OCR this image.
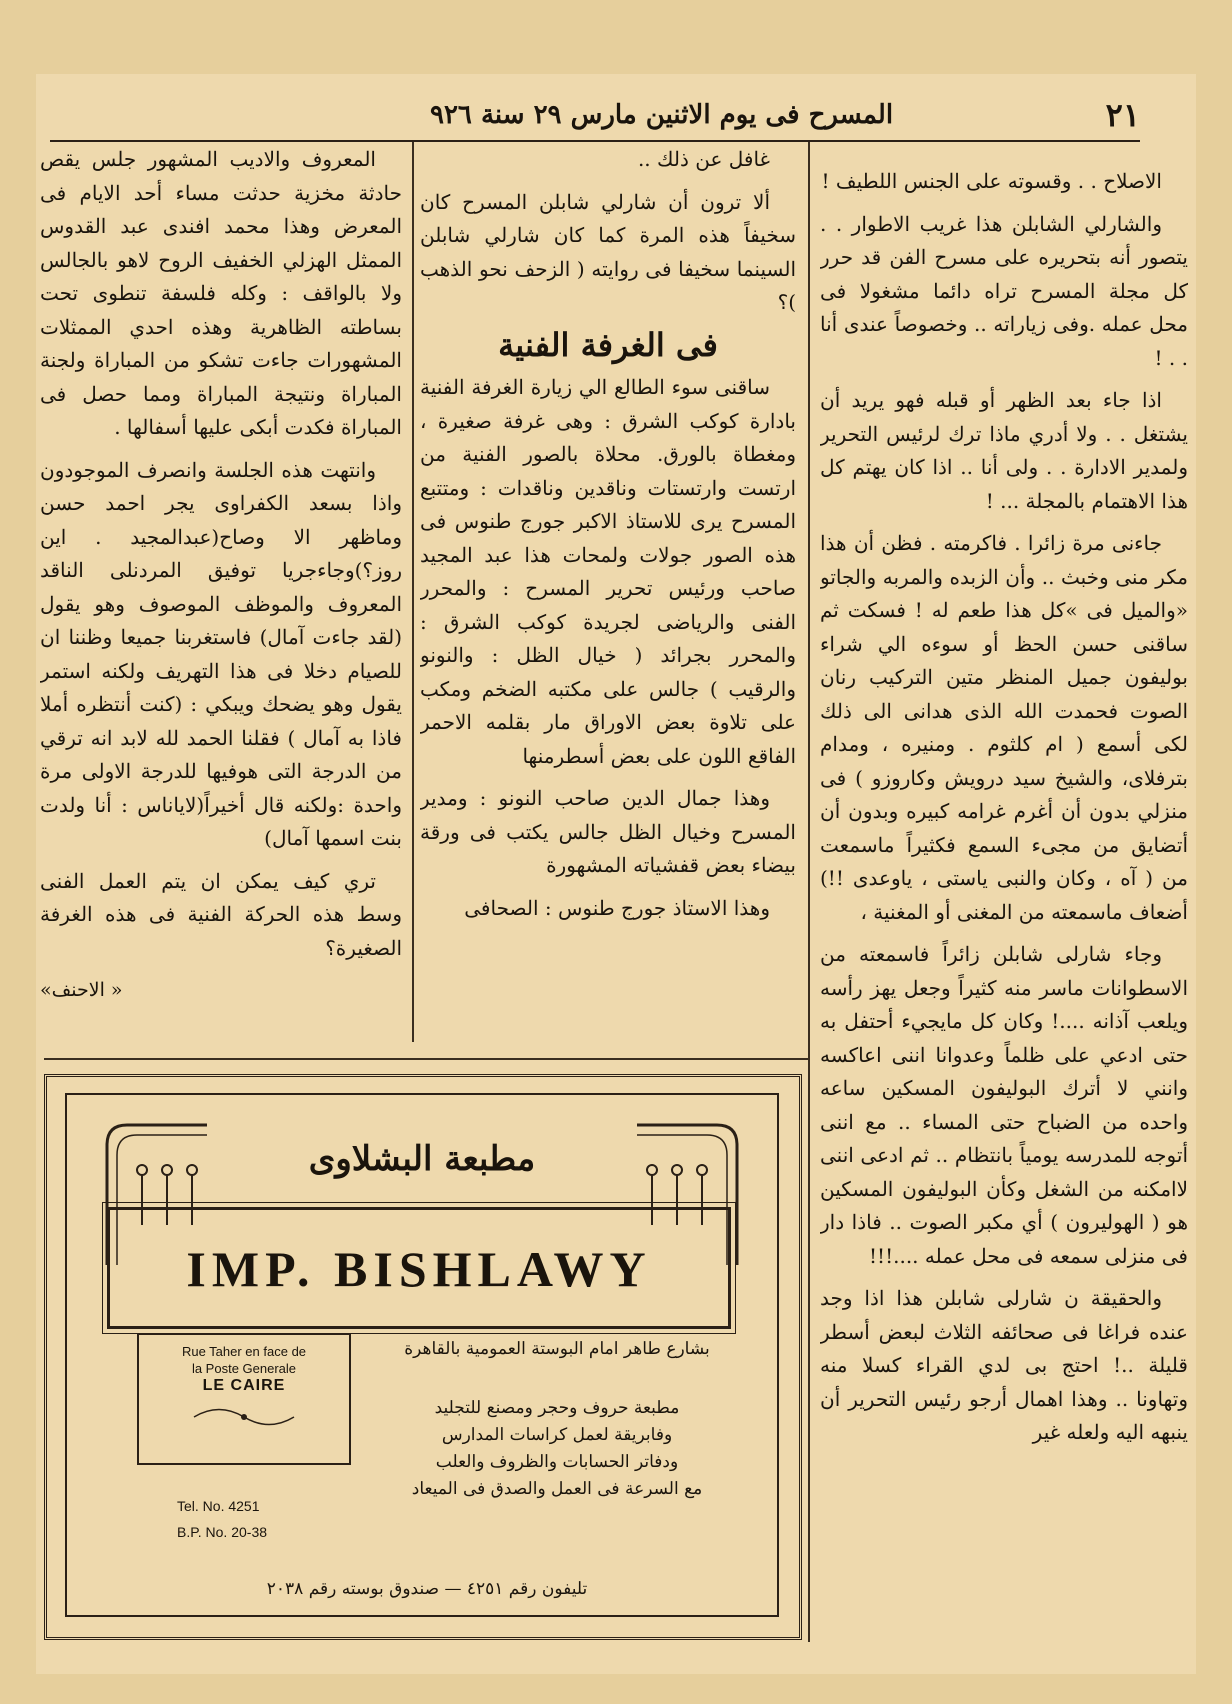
٢١
المسرح فى يوم الاثنين مارس ٢٩ سنة ٩٢٦

الاصلاح . . وقسوته على الجنس اللطيف !

والشارلي الشابلن هذا غريب الاطوار . . يتصور أنه بتحريره على مسرح الفن قد حرر كل مجلة المسرح تراه دائما مشغولا فى محل عمله .وفى زياراته .. وخصوصاً عندى أنا . . !

اذا جاء بعد الظهر أو قبله فهو يريد أن يشتغل . . ولا أدري ماذا ترك لرئيس التحرير ولمدير الادارة . . ولى أنا .. اذا كان يهتم كل هذا الاهتمام بالمجلة ... !

جاءنى مرة زائرا . فاكرمته . فظن أن هذا مكر منى وخبث .. وأن الزبده والمربه والجاتو «والميل فى »كل هذا طعم له ! فسكت ثم ساقنى حسن الحظ أو سوءه الي شراء بوليفون جميل المنظر متين التركيب رنان الصوت فحمدت الله الذى هدانى الى ذلك لكى أسمع ( ام كلثوم . ومنيره ، ومدام بترفلاى، والشيخ سيد درويش وكاروزو ) فى منزلي بدون أن أغرم غرامه كبيره وبدون أن أتضايق من مجىء السمع فكثيراً ماسمعت من ( آه ، وكان والنبى ياستى ، ياوعدى !!) أضعاف ماسمعته من المغنى أو المغنية ،

وجاء شارلى شابلن زائراً فاسمعته من الاسطوانات ماسر منه كثيراً وجعل يهز رأسه ويلعب آذانه ....! وكان كل مايجيء أحتفل به حتى ادعي على ظلماً وعدوانا اننى اعاكسه وانني لا أترك البوليفون المسكين ساعه واحده من الضباح حتى المساء .. مع اننى أتوجه للمدرسه يومياً بانتظام .. ثم ادعى اننى لاامكنه من الشغل وكأن البوليفون المسكين هو ( الهوليرون ) أي مكبر الصوت .. فاذا دار فى منزلى سمعه فى محل عمله ....!!!

والحقيقة ن شارلى شابلن هذا اذا وجد عنده فراغا فى صحائفه الثلاث لبعض أسطر قليلة ..! احتج بى لدي القراء كسلا منه وتهاونا .. وهذا اهمال أرجو رئيس التحرير أن ينبهه اليه ولعله غير

غافل عن ذلك ..

ألا ترون أن شارلي شابلن المسرح كان سخيفاً هذه المرة كما كان شارلي شابلن السينما سخيفا فى روايته ( الزحف نحو الذهب )؟

فى الغرفة الفنية

ساقنى سوء الطالع الي زيارة الغرفة الفنية بادارة كوكب الشرق : وهى غرفة صغيرة ، ومغطاة بالورق. محلاة بالصور الفنية من ارتست وارتستات وناقدين وناقدات : ومتتبع المسرح يرى للاستاذ الاكبر جورج طنوس فى هذه الصور جولات ولمحات هذا عبد المجيد صاحب ورئيس تحرير المسرح : والمحرر الفنى والرياضى لجريدة كوكب الشرق : والمحرر بجرائد ( خيال الظل : والنونو والرقيب ) جالس على مكتبه الضخم ومكب على تلاوة بعض الاوراق مار بقلمه الاحمر الفاقع اللون على بعض أسطرمنها

وهذا جمال الدين صاحب النونو : ومدير المسرح وخيال الظل جالس يكتب فى ورقة بيضاء بعض قفشياته المشهورة

وهذا الاستاذ جورج طنوس : الصحافى

المعروف والاديب المشهور جلس يقص حادثة مخزية حدثت مساء أحد الايام فى المعرض وهذا محمد افندى عبد القدوس الممثل الهزلي الخفيف الروح لاهو بالجالس ولا بالواقف : وكله فلسفة تنطوى تحت بساطته الظاهرية وهذه احدي الممثلات المشهورات جاءت تشكو من المباراة ولجنة المباراة ونتيجة المباراة ومما حصل فى المباراة فكدت أبكى عليها أسفالها .

وانتهت هذه الجلسة وانصرف الموجودون واذا بسعد الكفراوى يجر احمد حسن وماظهر الا وصاح(عبدالمجيد . اين روز؟)وجاءجريا توفيق المردنلى الناقد المعروف والموظف الموصوف وهو يقول (لقد جاءت آمال) فاستغربنا جميعا وظننا ان للصيام دخلا فى هذا التهريف ولكنه استمر يقول وهو يضحك ويبكي : (كنت أنتظره أملا فاذا به آمال ) فقلنا الحمد لله لابد انه ترقي من الدرجة التى هوفيها للدرجة الاولى مرة واحدة :ولكنه قال أخيراً(لاياناس : أنا ولدت بنت اسمها آمال)

تري كيف يمكن ان يتم العمل الفنى وسط هذه الحركة الفنية فى هذه الغرفة الصغيرة؟

« الاحنف»

مطبعة البشلاوى
IMP. BISHLAWY
Rue Taher en face de
la Poste Generale
LE CAIRE
Tel. No. 4251
B.P. No. 20-38
بشارع طاهر امام البوستة العمومية بالقاهرة
مطبعة حروف وحجر ومصنع للتجليد
وفابريقة لعمل كراسات المدارس
ودفاتر الحسابات والظروف والعلب
مع السرعة فى العمل والصدق فى الميعاد
تليفون رقم ٤٢٥١ — صندوق بوسته رقم ٢٠٣٨
